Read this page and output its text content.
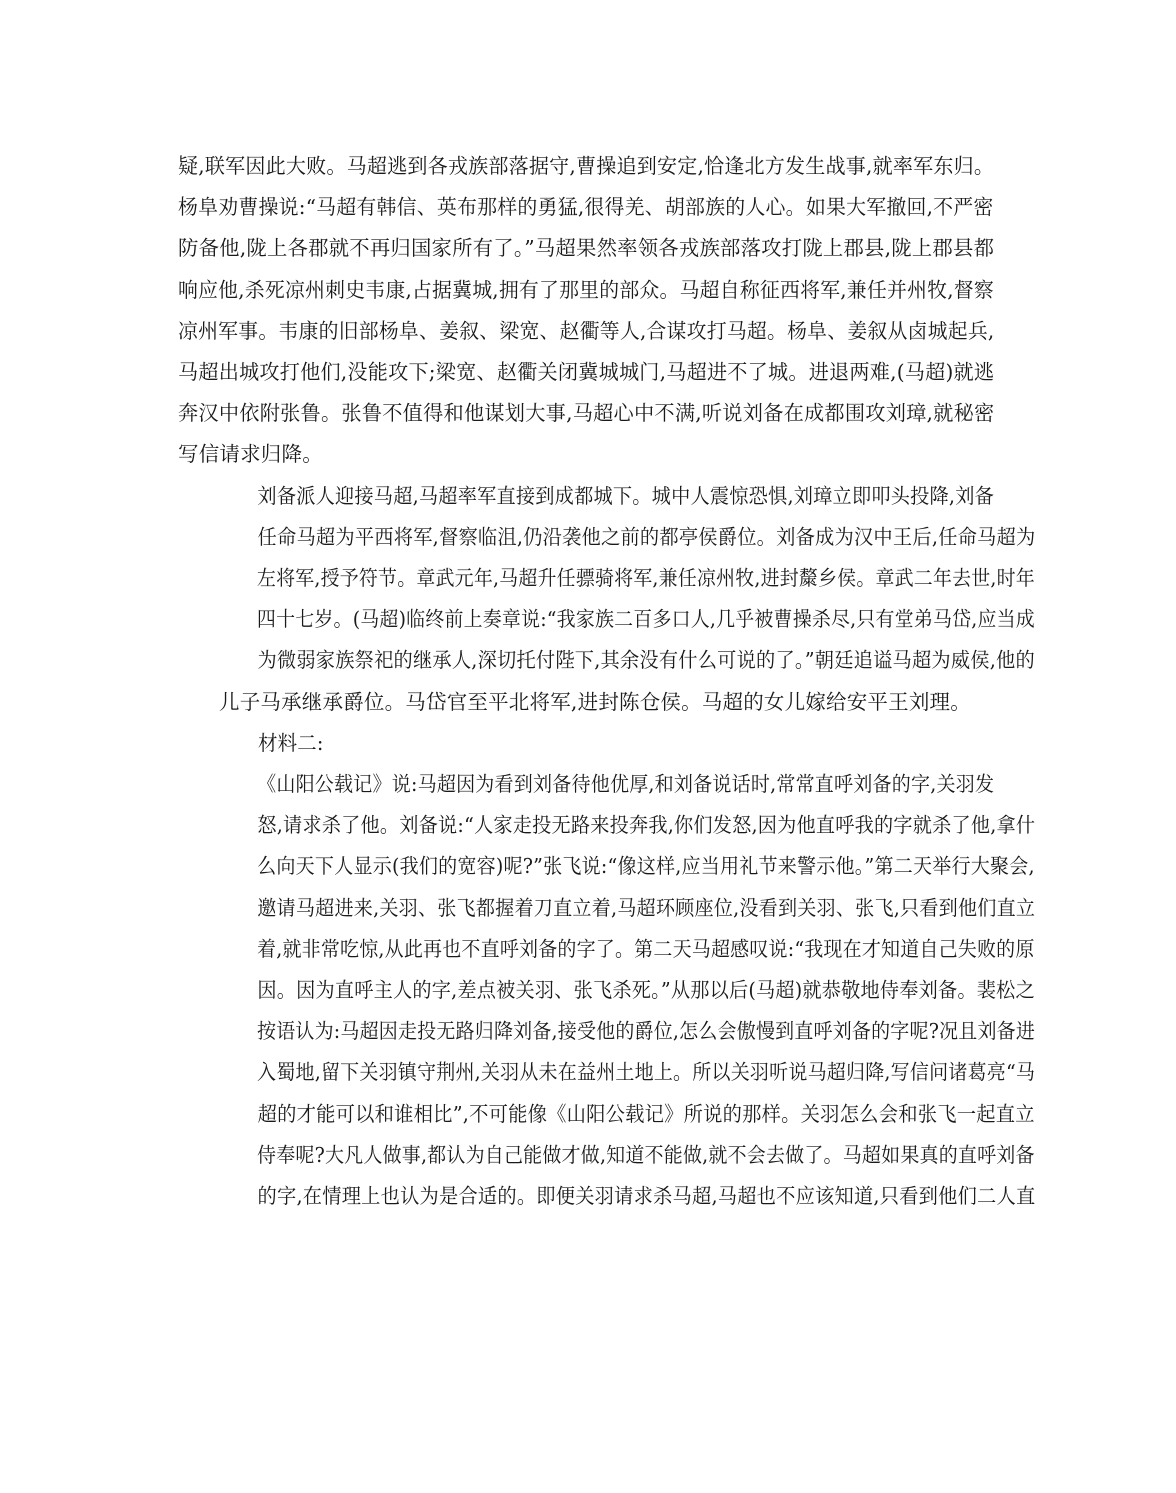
疑,联军因此大败。马超逃到各戎族部落据守,曹操追到安定,恰逢北方发生战事,就率军东归。
杨阜劝曹操说:“马超有韩信、英布那样的勇猛,很得羌、胡部族的人心。如果大军撤回,不严密
防备他,陇上各郡就不再归国家所有了。”马超果然率领各戎族部落攻打陇上郡县,陇上郡县都
响应他,杀死凉州刺史韦康,占据冀城,拥有了那里的部众。马超自称征西将军,兼任并州牧,督察
凉州军事。韦康的旧部杨阜、姜叙、梁宽、赵衢等人,合谋攻打马超。杨阜、姜叙从卤城起兵,
马超出城攻打他们,没能攻下;梁宽、赵衢关闭冀城城门,马超进不了城。进退两难,(马超)就逃
奔汉中依附张鲁。张鲁不值得和他谋划大事,马超心中不满,听说刘备在成都围攻刘璋,就秘密
写信请求归降。
刘备派人迎接马超,马超率军直接到成都城下。城中人震惊恐惧,刘璋立即叩头投降,刘备
任命马超为平西将军,督察临沮,仍沿袭他之前的都亭侯爵位。刘备成为汉中王后,任命马超为
左将军,授予符节。章武元年,马超升任骠骑将军,兼任凉州牧,进封斄乡侯。章武二年去世,时年
四十七岁。(马超)临终前上奏章说:“我家族二百多口人,几乎被曹操杀尽,只有堂弟马岱,应当成
为微弱家族祭祀的继承人,深切托付陛下,其余没有什么可说的了。”朝廷追谥马超为威侯,他的
儿子马承继承爵位。马岱官至平北将军,进封陈仓侯。马超的女儿嫁给安平王刘理。
材料二:
《山阳公载记》说:马超因为看到刘备待他优厚,和刘备说话时,常常直呼刘备的字,关羽发
怒,请求杀了他。刘备说:“人家走投无路来投奔我,你们发怒,因为他直呼我的字就杀了他,拿什
么向天下人显示(我们的宽容)呢?”张飞说:“像这样,应当用礼节来警示他。”第二天举行大聚会,
邀请马超进来,关羽、张飞都握着刀直立着,马超环顾座位,没看到关羽、张飞,只看到他们直立
着,就非常吃惊,从此再也不直呼刘备的字了。第二天马超感叹说:“我现在才知道自己失败的原
因。因为直呼主人的字,差点被关羽、张飞杀死。”从那以后(马超)就恭敬地侍奉刘备。裴松之
按语认为:马超因走投无路归降刘备,接受他的爵位,怎么会傲慢到直呼刘备的字呢?况且刘备进
入蜀地,留下关羽镇守荆州,关羽从未在益州土地上。所以关羽听说马超归降,写信问诸葛亮“马
超的才能可以和谁相比”,不可能像《山阳公载记》所说的那样。关羽怎么会和张飞一起直立
侍奉呢?大凡人做事,都认为自己能做才做,知道不能做,就不会去做了。马超如果真的直呼刘备
的字,在情理上也认为是合适的。即便关羽请求杀马超,马超也不应该知道,只看到他们二人直
